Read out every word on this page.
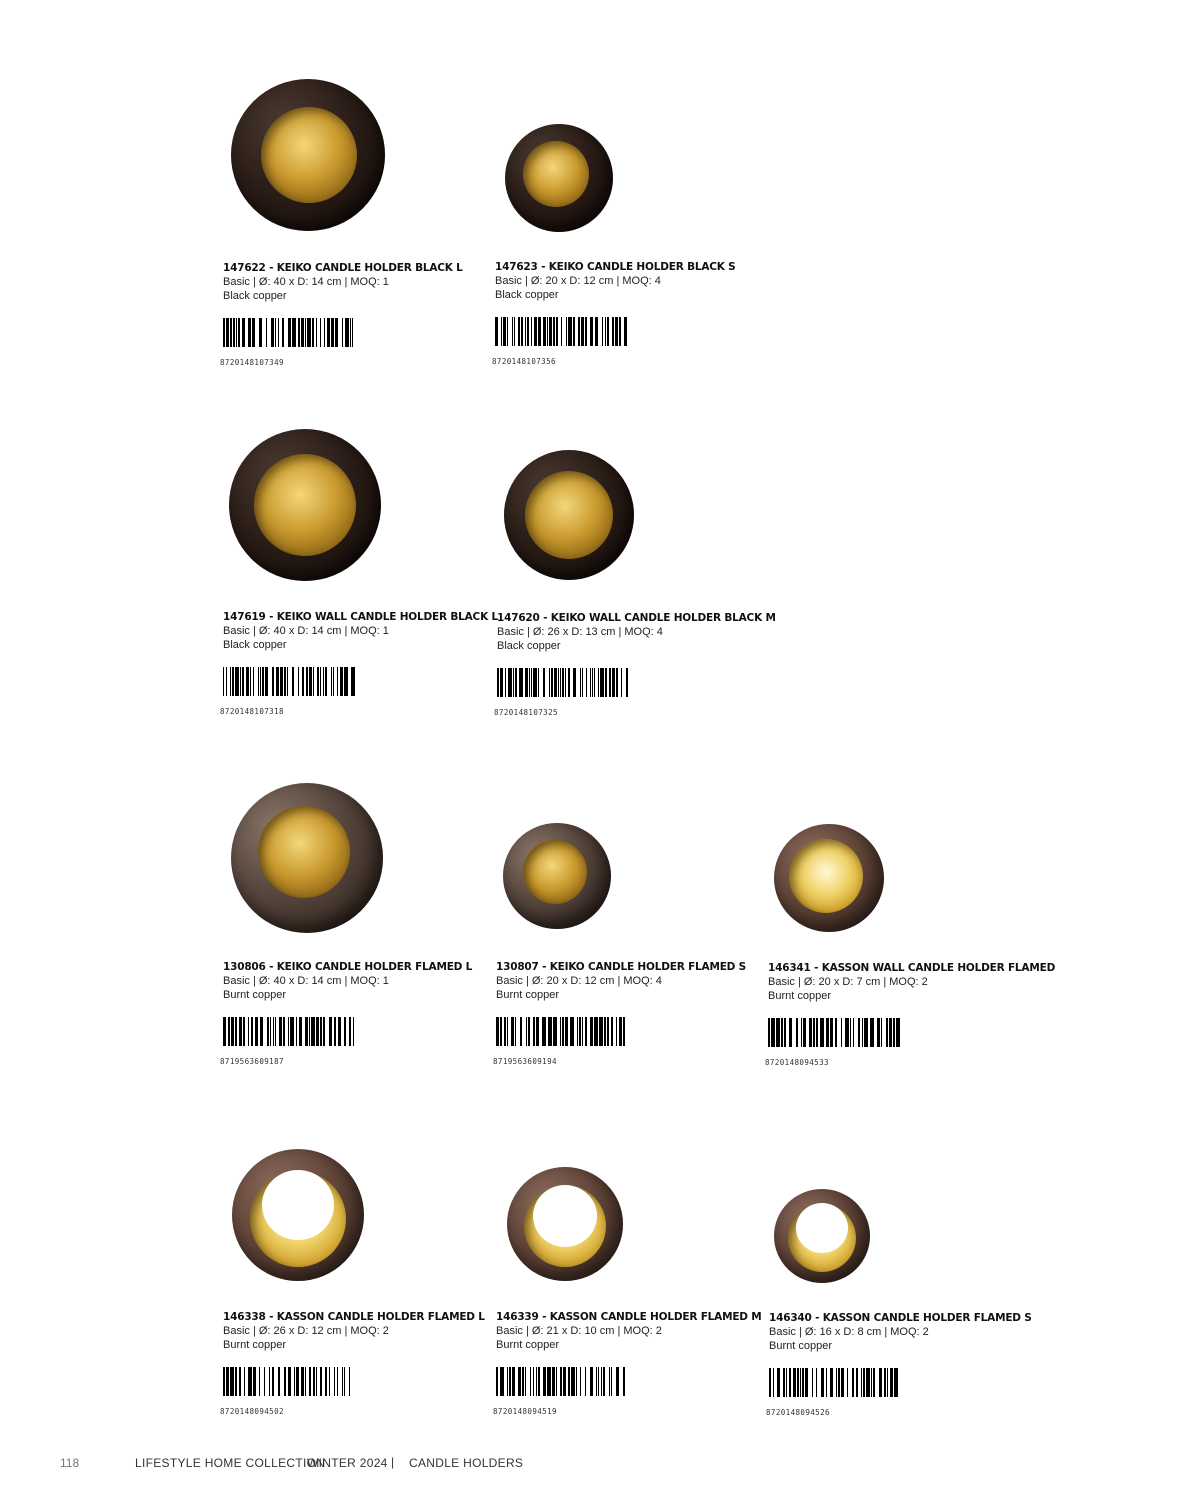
147622 - KEIKO CANDLE HOLDER BLACK L
Basic | Ø: 40 x D: 14 cm | MOQ: 1
Black copper
8720148107349
147623 - KEIKO CANDLE HOLDER BLACK S
Basic | Ø: 20 x D: 12 cm | MOQ: 4
Black copper
8720148107356
147619 - KEIKO WALL CANDLE HOLDER BLACK L
Basic | Ø: 40 x D: 14 cm | MOQ: 1
Black copper
8720148107318
147620 - KEIKO WALL CANDLE HOLDER BLACK M
Basic | Ø: 26 x D: 13 cm | MOQ: 4
Black copper
8720148107325
130806 - KEIKO CANDLE HOLDER FLAMED L
Basic | Ø: 40 x D: 14 cm | MOQ: 1
Burnt copper
8719563609187
130807 - KEIKO CANDLE HOLDER FLAMED S
Basic | Ø: 20 x D: 12 cm | MOQ: 4
Burnt copper
8719563609194
146341 - KASSON WALL CANDLE HOLDER FLAMED
Basic | Ø: 20 x D: 7 cm | MOQ: 2
Burnt copper
8720148094533
146338 - KASSON CANDLE HOLDER FLAMED L
Basic | Ø: 26 x D: 12 cm | MOQ: 2
Burnt copper
8720148094502
146339 - KASSON CANDLE HOLDER FLAMED M
Basic | Ø: 21 x D: 10 cm | MOQ: 2
Burnt copper
8720148094519
146340 - KASSON CANDLE HOLDER FLAMED S
Basic | Ø: 16 x D: 8 cm | MOQ: 2
Burnt copper
8720148094526
118	LIFESTYLE HOME COLLECTION
WINTER 2024 | CANDLE HOLDERS
